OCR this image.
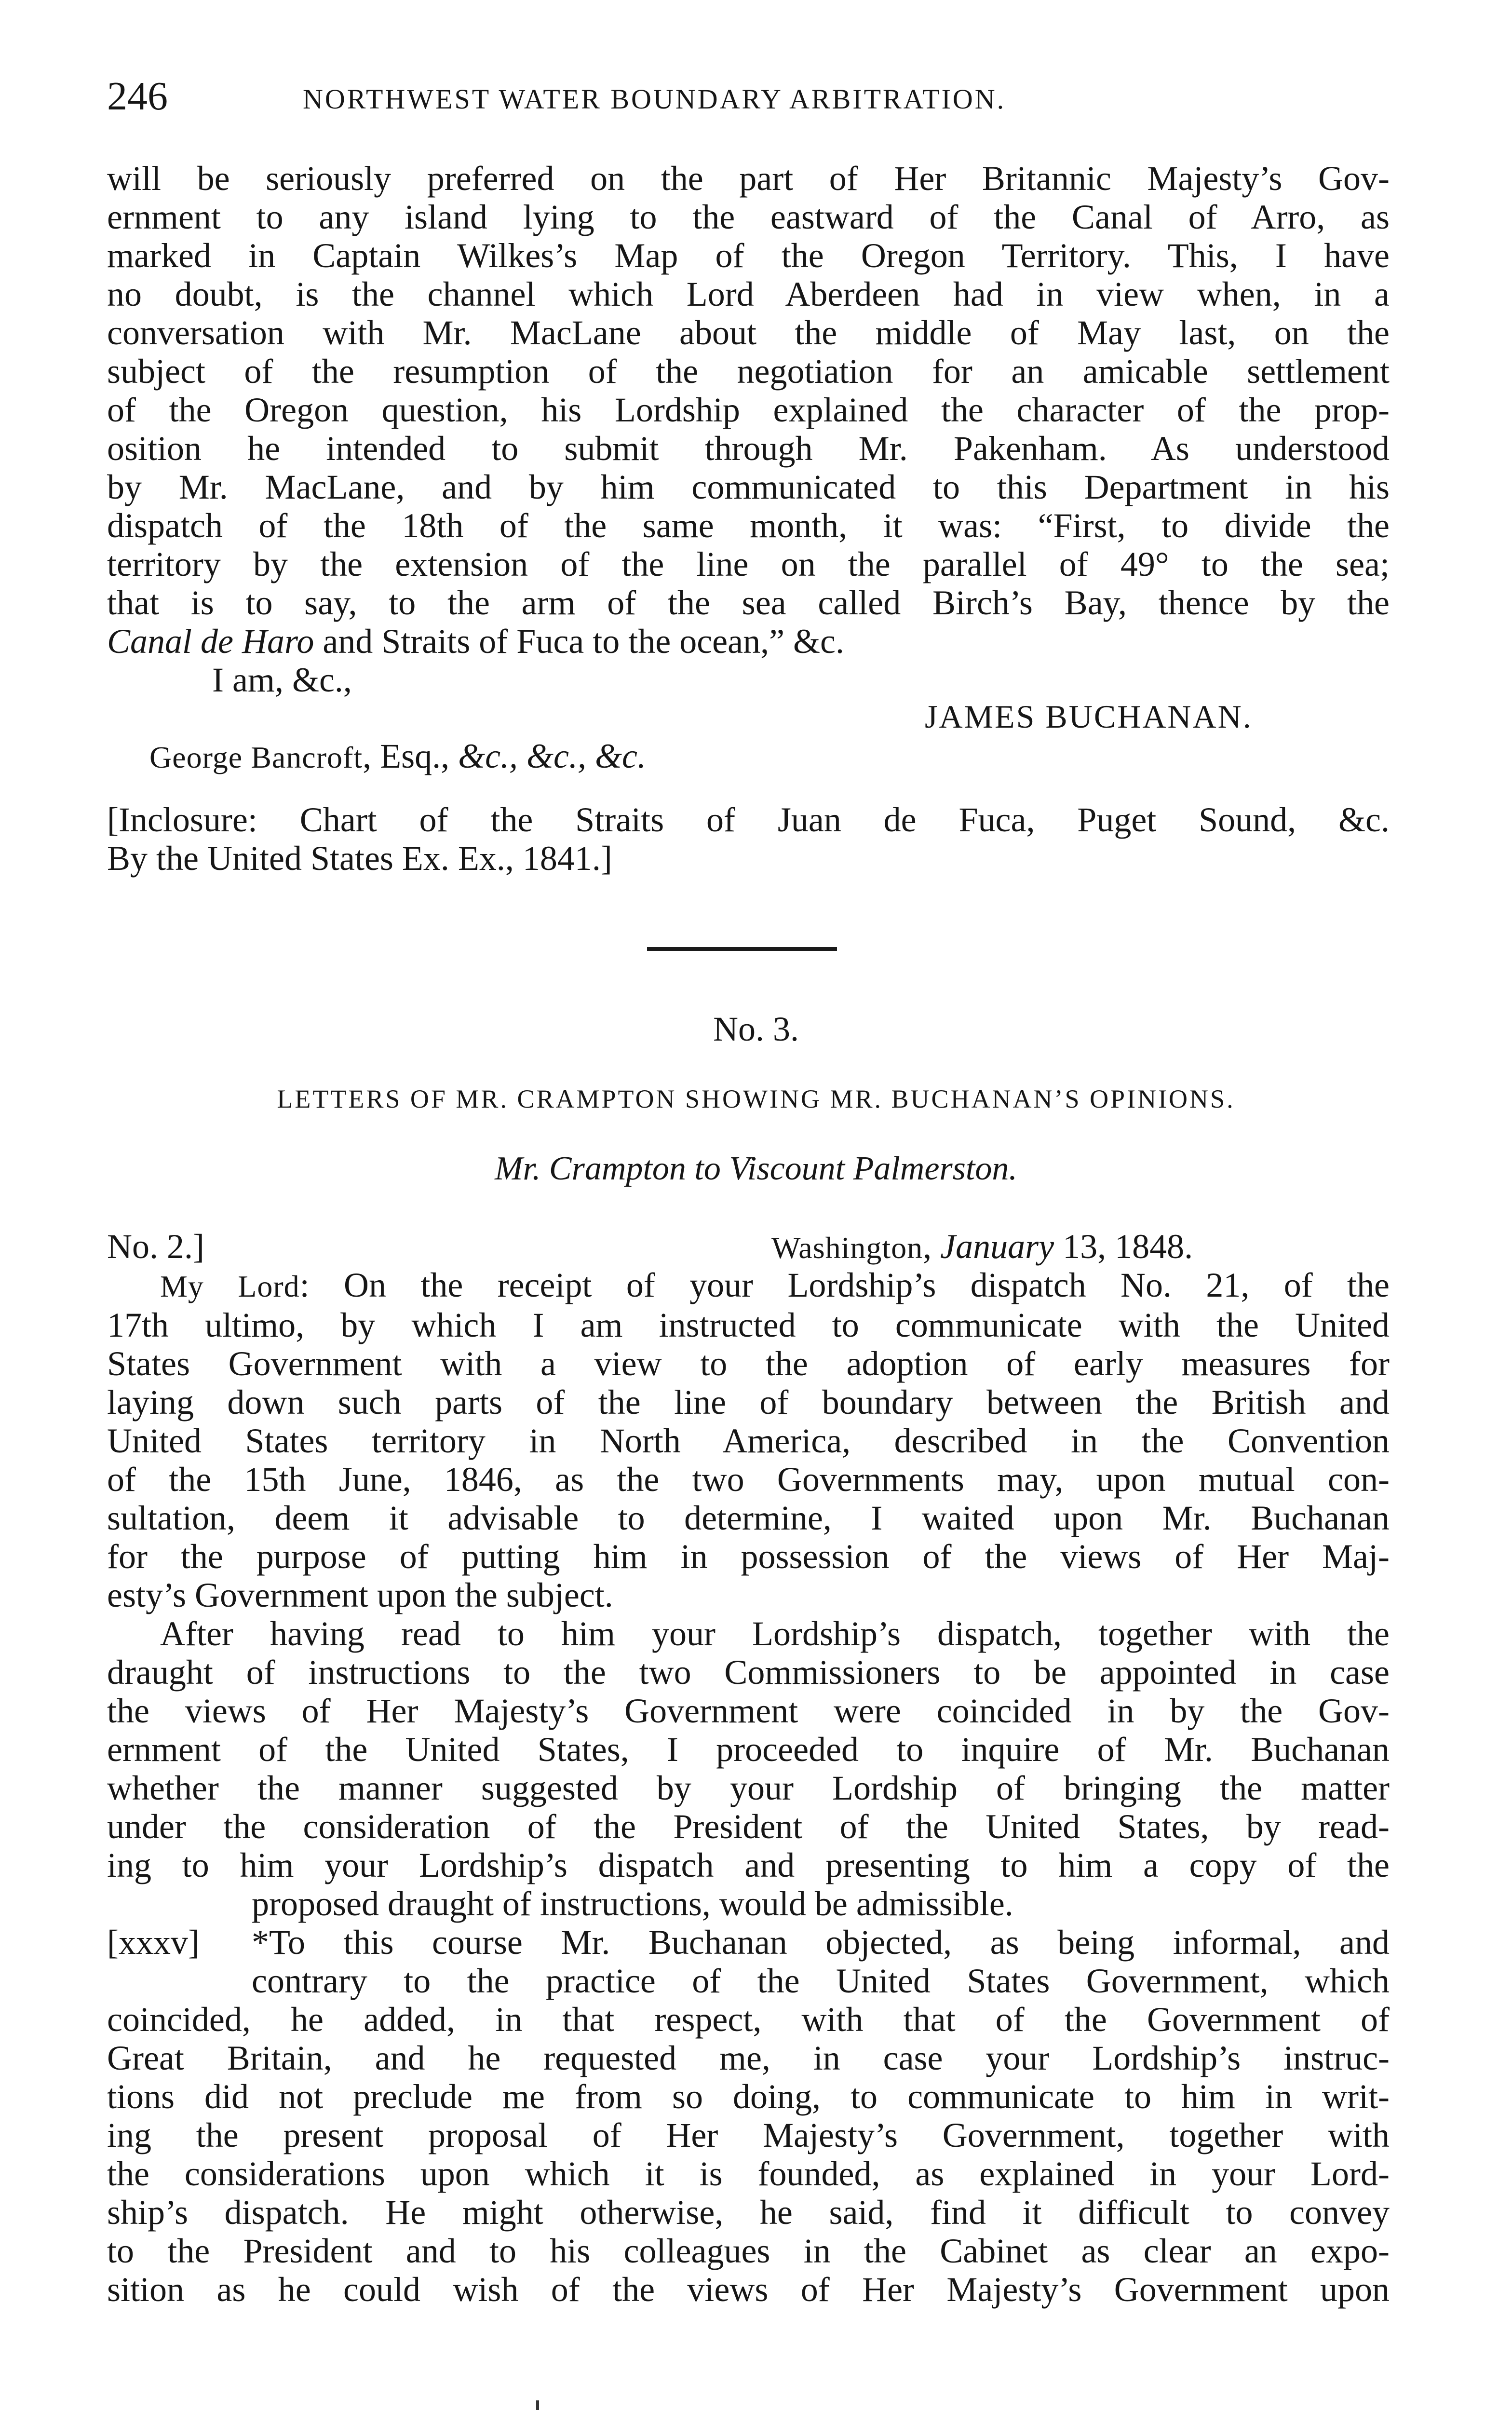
246	NORTHWEST WATER BOUNDARY ARBITRATION.
will be seriously preferred on the part of Her Britannic Majesty’s Gov-
ernment to any island lying to the eastward of the Canal of Arro, as
marked in Captain Wilkes’s Map of the Oregon Territory. This, I have
no doubt, is the channel which Lord Aberdeen had in view when, in a
conversation with Mr. MacLane about the middle of May last, on the
subject of the resumption of the negotiation for an amicable settlement
of the Oregon question, his Lordship explained the character of the prop-
osition he intended to submit through Mr. Pakenham. As understood
by Mr. MacLane, and by him communicated to this Department in his
dispatch of the 18th of the same month, it was: “First, to divide the
territory by the extension of the line on the parallel of 49° to the sea;
that is to say, to the arm of the sea called Birch’s Bay, thence by the
Canal de Haro and Straits of Fuca to the ocean,” &c.
I am, &c.,
JAMES BUCHANAN.
George Bancroft, Esq., &c., &c., &c.
[Inclosure: Chart of the Straits of Juan de Fuca, Puget Sound, &c.
By the United States Ex. Ex., 1841.]
No. 3.
LETTERS OF MR. CRAMPTON SHOWING MR. BUCHANAN’S OPINIONS.
Mr. Crampton to Viscount Palmerston.
No. 2.]	Washington, January 13, 1848.
My Lord: On the receipt of your Lordship’s dispatch No. 21, of the
17th ultimo, by which I am instructed to communicate with the United
States Government with a view to the adoption of early measures for
laying down such parts of the line of boundary between the British and
United States territory in North America, described in the Convention
of the 15th June, 1846, as the two Governments may, upon mutual con-
sultation, deem it advisable to determine, I waited upon Mr. Buchanan
for the purpose of putting him in possession of the views of Her Maj-
esty’s Government upon the subject.
After having read to him your Lordship’s dispatch, together with the
draught of instructions to the two Commissioners to be appointed in case
the views of Her Majesty’s Government were coincided in by the Gov-
ernment of the United States, I proceeded to inquire of Mr. Buchanan
whether the manner suggested by your Lordship of bringing the matter
under the consideration of the President of the United States, by read-
ing to him your Lordship’s dispatch and presenting to him a copy of the
proposed draught of instructions, would be admissible.
[xxxv]	*To this course Mr. Buchanan objected, as being informal, and
contrary to the practice of the United States Government, which
coincided, he added, in that respect, with that of the Government of
Great Britain, and he requested me, in case your Lordship’s instruc-
tions did not preclude me from so doing, to communicate to him in writ-
ing the present proposal of Her Majesty’s Government, together with
the considerations upon which it is founded, as explained in your Lord-
ship’s dispatch. He might otherwise, he said, find it difficult to convey
to the President and to his colleagues in the Cabinet as clear an expo-
sition as he could wish of the views of Her Majesty’s Government upon
